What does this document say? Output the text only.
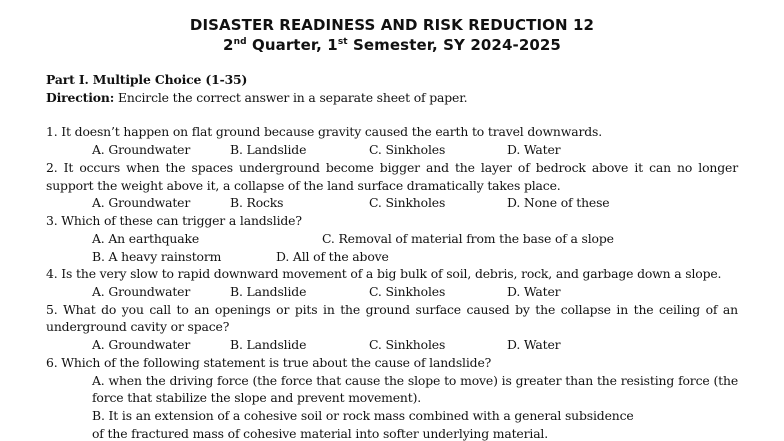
DISASTER READINESS AND RISK REDUCTION 12
2nd Quarter, 1st Semester, SY 2024-2025
Part I. Multiple Choice (1-35)
Direction: Encircle the correct answer in a separate sheet of paper.
1. It doesn’t happen on flat ground because gravity caused the earth to travel downwards.
A. Groundwater	B. Landslide	C. Sinkholes	D. Water
2. It occurs when the spaces underground become bigger and the layer of bedrock above it can no longer
support the weight above it, a collapse of the land surface dramatically takes place.
A. Groundwater	B. Rocks	C. Sinkholes	D. None of these
3. Which of these can trigger a landslide?
A. An earthquake	C. Removal of material from the base of a slope
B. A heavy rainstorm	D. All of the above
4. Is the very slow to rapid downward movement of a big bulk of soil, debris, rock, and garbage down a slope.
A. Groundwater	B. Landslide	C. Sinkholes	D. Water
5. What do you call to an openings or pits in the ground surface caused by the collapse in the ceiling of an
underground cavity or space?
A. Groundwater	B. Landslide	C. Sinkholes	D. Water
6. Which of the following statement is true about the cause of landslide?
A. when the driving force (the force that cause the slope to move) is greater than the resisting force (the
force that stabilize the slope and prevent movement).
B. It is an extension of a cohesive soil or rock mass combined with a general subsidence
of the fractured mass of cohesive material into softer underlying material.
